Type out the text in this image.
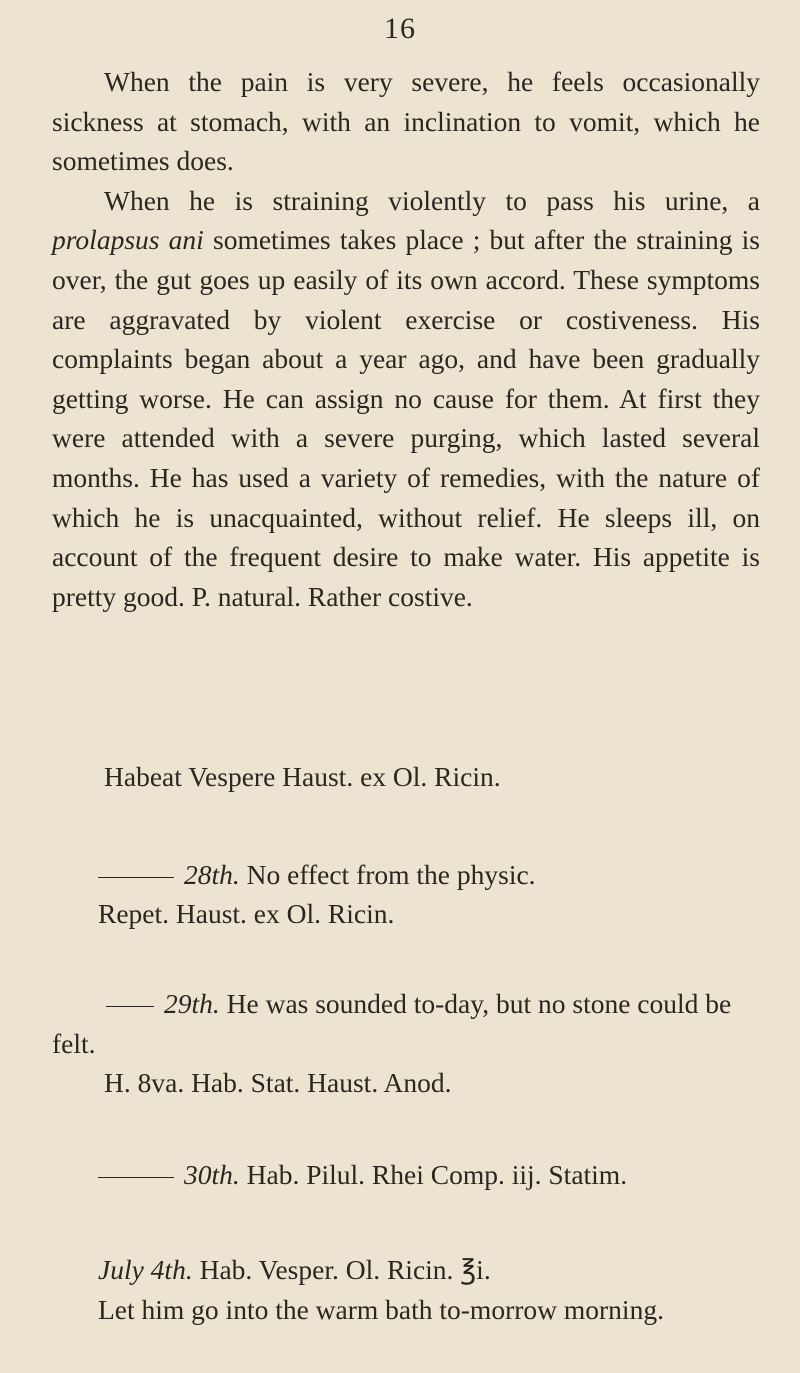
16

When the pain is very severe, he feels occasionally sickness at stomach, with an inclination to vomit, which he sometimes does.

When he is straining violently to pass his urine, a prolapsus ani sometimes takes place ; but after the straining is over, the gut goes up easily of its own accord. These symptoms are aggravated by violent exercise or costiveness. His complaints began about a year ago, and have been gradually getting worse. He can assign no cause for them. At first they were attended with a severe purging, which lasted several months. He has used a variety of remedies, with the nature of which he is unacquainted, without relief. He sleeps ill, on account of the frequent desire to make water. His appetite is pretty good. P. natural. Rather costive.

Habeat Vespere Haust. ex Ol. Ricin.

28th. No effect from the physic.

Repet. Haust. ex Ol. Ricin.

29th. He was sounded to-day, but no stone could be felt.

H. 8va. Hab. Stat. Haust. Anod.

30th. Hab. Pilul. Rhei Comp. iij. Statim.

July 4th. Hab. Vesper. Ol. Ricin. ℥i.

Let him go into the warm bath to-morrow morning.
